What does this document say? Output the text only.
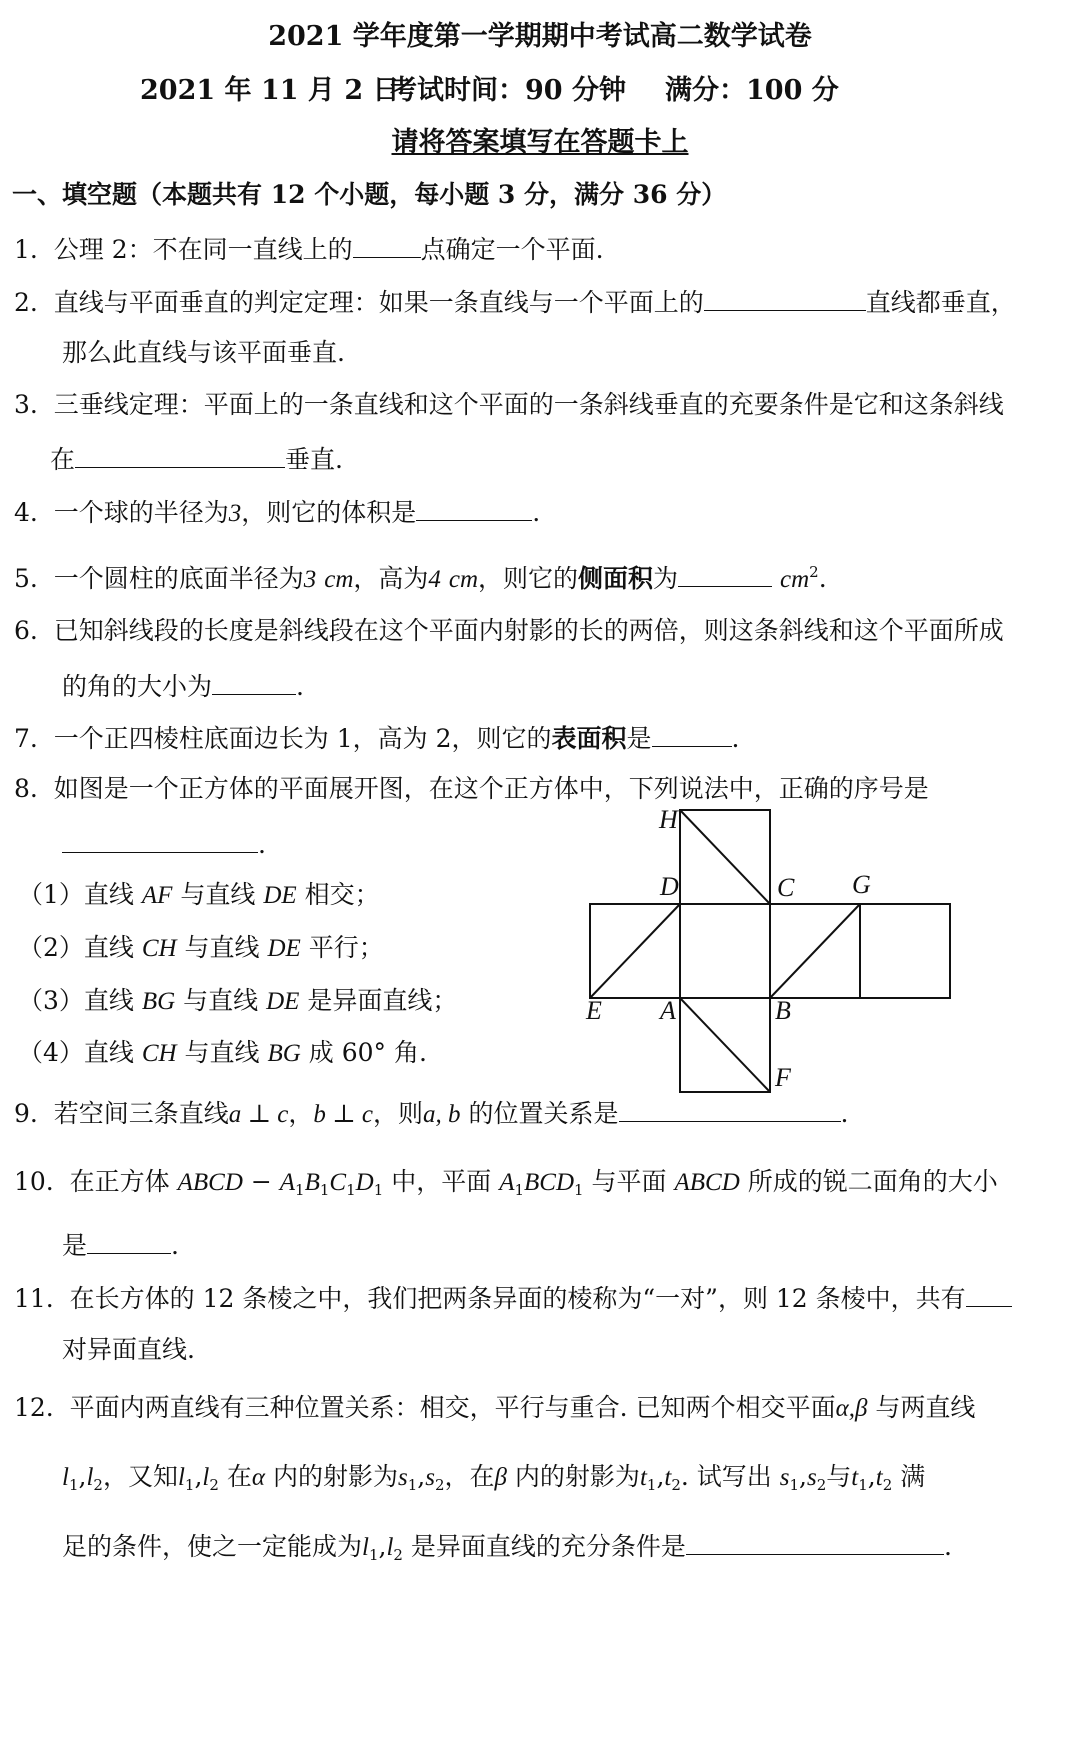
2021 学年度第一学期期中考试高二数学试卷
2021 年 11 月 2 日
考试时间：90 分钟 满分：100 分
请将答案填写在答题卡上
一、填空题（本题共有 12 个小题，每小题 3 分，满分 36 分）
1. 公理 2：不在同一直线上的	点确定一个平面.
2. 直线与平面垂直的判定定理：如果一条直线与一个平面上的	直线都垂直，
那么此直线与该平面垂直.
3. 三垂线定理：平面上的一条直线和这个平面的一条斜线垂直的充要条件是它和这条斜线
在	垂直.
4. 一个球的半径为3，则它的体积是	.
5. 一个圆柱的底面半径为3 cm，高为4 cm，则它的侧面积为	$cm^2$.
6. 已知斜线段的长度是斜线段在这个平面内射影的长的两倍，则这条斜线和这个平面所成
的角的大小为	.
7. 一个正四棱柱底面边长为 1，高为 2，则它的表面积是	.
8. 如图是一个正方体的平面展开图，在这个正方体中，下列说法中，正确的序号是
.
（1）直线 AF 与直线 DE 相交；
（2）直线 CH 与直线 DE 平行；
（3）直线 BG 与直线 DE 是异面直线；
（4）直线 CH 与直线 BG 成 60° 角.
H
D	C G
E A	B
F
9. 若空间三条直线a ⊥ c，b ⊥ c，则a, b 的位置关系是	.
10. 在正方体 ABCD − $A_1B_1C_1D_1$ 中，平面 $A_1BCD_1$ 与平面 ABCD 所成的锐二面角的大小
是	.
11. 在长方体的 12 条棱之中，我们把两条异面的棱称为“一对”，则 12 条棱中，共有
对异面直线.
12. 平面内两直线有三种位置关系：相交，平行与重合. 已知两个相交平面α,β 与两直线
$l_1,l_2$，又知$l_1,l_2$ 在α 内的射影为$s_1,s_2$，在β 内的射影为$t_1,t_2$. 试写出 $s_1,s_2$与$t_1,t_2$ 满
足的条件，使之一定能成为$l_1,l_2$ 是异面直线的充分条件是	.
